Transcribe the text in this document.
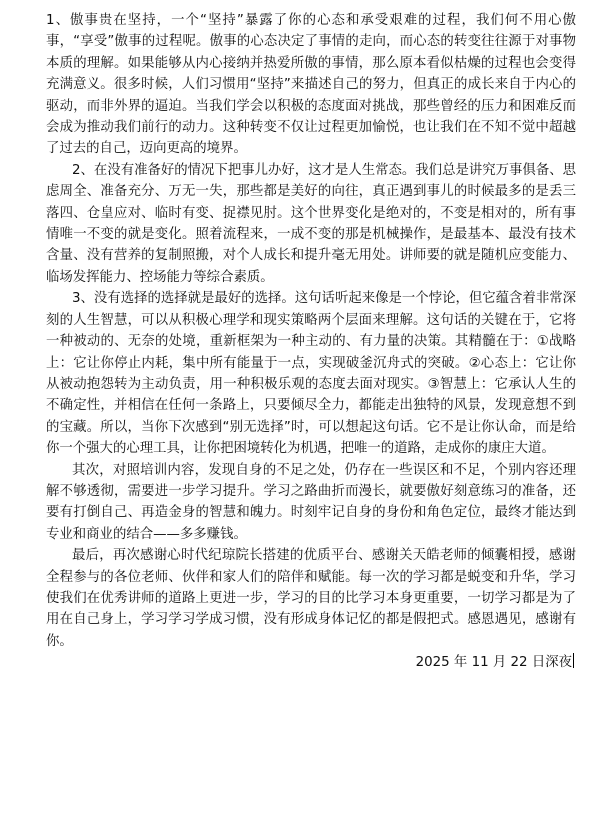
1、傲事贵在坚持，一个“坚持”暴露了你的心态和承受艰难的过程，我们何不用心傲事，“享受”傲事的过程呢。傲事的心态决定了事情的走向，而心态的转变往往源于对事物本质的理解。如果能够从内心接纳并热爱所傲的事情，那么原本看似枯燥的过程也会变得充满意义。很多时候，人们习惯用“坚持”来描述自己的努力，但真正的成长来自于内心的驱动，而非外界的逼迫。当我们学会以积极的态度面对挑战，那些曾经的压力和困难反而会成为推动我们前行的动力。这种转变不仅让过程更加愉悦，也让我们在不知不觉中超越了过去的自己，迈向更高的境界。

2、在没有准备好的情况下把事儿办好，这才是人生常态。我们总是讲究万事俱备、思虑周全、准备充分、万无一失，那些都是美好的向往，真正遇到事儿的时候最多的是丢三落四、仓皇应对、临时有变、捉襟见肘。这个世界变化是绝对的，不变是相对的，所有事情唯一不变的就是变化。照着流程来，一成不变的那是机械操作，是最基本、最没有技术含量、没有营养的复制照搬，对个人成长和提升毫无用处。讲师要的就是随机应变能力、临场发挥能力、控场能力等综合素质。

3、没有选择的选择就是最好的选择。这句话听起来像是一个悖论，但它蕴含着非常深刻的人生智慧，可以从积极心理学和现实策略两个层面来理解。这句话的关键在于，它将一种被动的、无奈的处境，重新框架为一种主动的、有力量的决策。其精髓在于：①战略上：它让你停止内耗，集中所有能量于一点，实现破釜沉舟式的突破。②心态上：它让你从被动抱怨转为主动负责，用一种积极乐观的态度去面对现实。③智慧上：它承认人生的不确定性，并相信在任何一条路上，只要倾尽全力，都能走出独特的风景，发现意想不到的宝藏。所以，当你下次感到“别无选择”时，可以想起这句话。它不是让你认命，而是给你一个强大的心理工具，让你把困境转化为机遇，把唯一的道路，走成你的康庄大道。

其次，对照培训内容，发现自身的不足之处，仍存在一些误区和不足，个别内容还理解不够透彻，需要进一步学习提升。学习之路曲折而漫长，就要傲好刻意练习的准备，还要有打倒自己、再造金身的智慧和魄力。时刻牢记自身的身份和角色定位，最终才能达到专业和商业的结合——多多赚钱。

最后，再次感谢心时代纪琼院长搭建的优质平台、感谢关天皓老师的倾囊相授，感谢全程参与的各位老师、伙伴和家人们的陪伴和赋能。每一次的学习都是蜕变和升华，学习使我们在优秀讲师的道路上更进一步，学习的目的比学习本身更重要，一切学习都是为了用在自己身上，学习学习学成习惯，没有形成身体记忆的都是假把式。感恩遇见，感谢有你。

2025 年 11 月 22 日深夜
